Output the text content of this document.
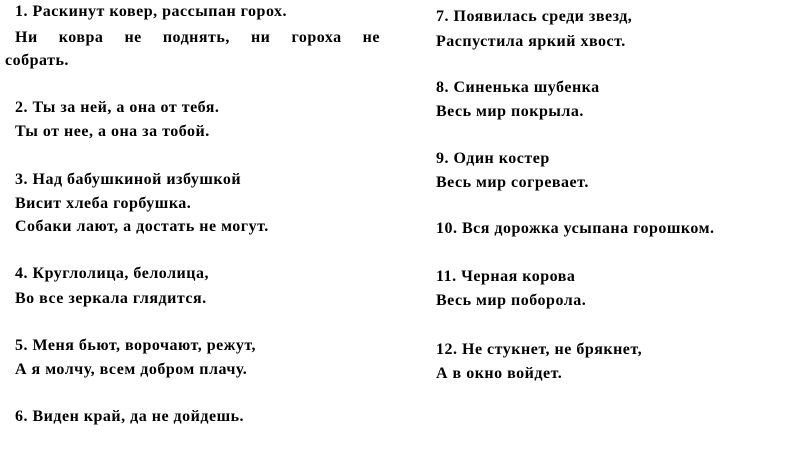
1. Раскинут ковер, рассыпан горох.
Ни ковра не поднять, ни гороха не
собрать.
2. Ты за ней, а она от тебя.
Ты от нее, а она за тобой.
3. Над бабушкиной избушкой
Висит хлеба горбушка.
Собаки лают, а достать не могут.
4. Круглолица, белолица,
Во все зеркала глядится.
5. Меня бьют, ворочают, режут,
А я молчу, всем добром плачу.
6. Виден край, да не дойдешь.
7. Появилась среди звезд,
Распустила яркий хвост.
8. Синенька шубенка
Весь мир покрыла.
9. Один костер
Весь мир согревает.
10. Вся дорожка усыпана горошком.
11. Черная корова
Весь мир поборола.
12. Не стукнет, не брякнет,
А в окно войдет.
